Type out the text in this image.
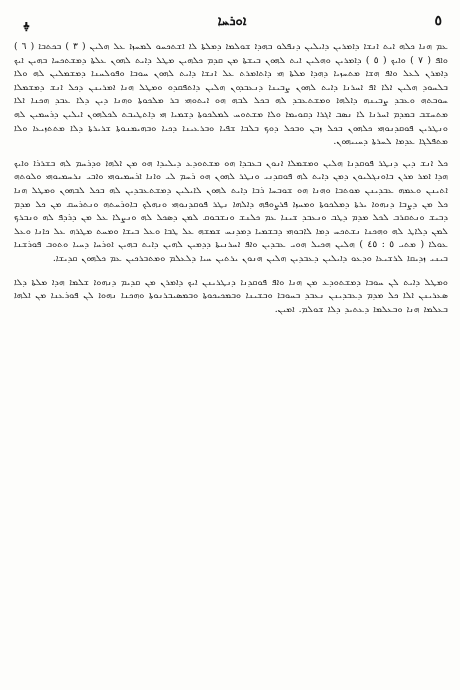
ﭙ	ܐܘܪܚܐ	٥

ܥܡ ܗܢܐ ܟܠܗ ܐܝܬ ܐܢܫܐ ܕܐܡܪܝܢ ܕܐܝܠܝܢ ܕܢܦܠܘ ܒܗܕܐ ܫܘܠܡܐ ܕܡܠܬܐ ܠܐ ܐܫܬܟܚܘ ܠܡܚܙܐ ܥܠ ܗܠܝܢ ( ٣ ) ܒܟܬܒܐ ( ٦ ) ܘܐܦ ( ٧ ) ܘܐܝܟ ( ٥ ) ܕܐܡܪܝܢ ܘܗܠܝܢ ܐܝܬ ܠܗܘܢ ܒܝܫܬܐ ܡܢ ܩܕܡ ܟܠܗܝܢ ܡܛܠ ܕܐܝܬ ܠܗܘܢ ܥܠܬܐ ܕܡܫܬܟܚܐ ܒܗܝܢ ܐܝܟ ܕܐܡܪܢ ܠܥܠ ܘܐܦ ܗܫܐ ܡܬܚܙܝܐ ܕܗܕܐ ܡܠܬܐ ܗܝ ܕܐܬܐܡܪܬ ܥܠ ܐܢܫܐ ܕܐܝܬ ܠܗܘܢ ܚܘܒܐ ܘܦܘܠܚܢܐ ܕܡܫܡܠܝܢ ܠܗ ܘܠܐ ܒܠܚܘܕ ܗܠܝܢ ܐܠܐ ܐܦ ܐܚܪܢܐ ܕܐܝܬ ܠܗܘܢ ܨܒܝܢܐ ܕܢܥܒܕܘܢ ܗܠܝܢ ܕܐܬܦܩܕܘ ܘܡܛܠ ܗܢܐ ܐܡܪܝܢܢ ܕܟܠ ܐܢܫ ܕܡܫܡܠܐ ܚܘܒܬܗ ܘܥܒܕ ܨܒܝܢܗ ܕܐܠܗܐ ܘܡܫܬܥܒܕ ܠܗ ܒܟܠ ܠܒܗ ܗܘ ܐܝܬܘܗܝ ܒܪ ܡܠܟܘܬܐ ܘܗܢܐ ܕܝܢ ܕܠܐ ܥܒܕ ܗܟܢܐ ܐܠܐ ܡܬܚܫܒ ܒܡܕܡ ܐܚܪܢܐ ܠܐ ܢܣܒ ܐܓܪܐ ܕܩܘܝܡܐ ܘܠܐ ܡܫܬܘܚ ܠܡܠܟܘܬܐ ܕܫܡܝܐ ܗܝ ܕܐܬܛܝܒܬ ܠܟܠܗܘܢ ܐܝܠܝܢ ܕܪܚܡܝܢ ܠܗ ܘܢܛܪܝܢ ܦܘܩܕܢܘܗܝ ܟܠܗܘܢ ܒܟܠ ܙܒܢ ܘܒܟܠ ܕܘܟ ܒܠܒܐ ܫܦܝܐ ܘܒܪܥܝܢܐ ܕܟܝܐ ܘܒܗܝܡܢܘܬܐ ܫܪܝܪܬܐ ܕܠܐ ܡܬܬܙܝܥܐ ܘܠܐ ܡܬܦܠܓܐ ܥܕܡܐ ܠܚܪܬܐ ܕܚܝܝܗܘܢ.

ܟܠ ܐܢܫ ܕܝܢ ܕܢܛܪ ܦܘܩܕܢܐ ܗܠܝܢ ܘܡܫܡܠܐ ܐܢܘܢ ܒܥܒܕܐ ܗܘ ܡܫܬܘܕܥ ܕܝܠܝܕܐ ܗܘ ܡܢ ܐܠܗܐ ܘܕܪܚܡ ܠܗ ܒܫܪܪܐ ܘܐܝܟ ܗܕܐ ܐܡܪ ܡܪܢ ܒܐܘܢܓܠܝܘܢ ܕܡܢ ܕܐܝܬ ܠܗ ܦܘܩܕܢܝ ܘܢܛܪ ܠܗܘܢ ܗܘ ܪܚܡ ܠܝ ܘܐܢܐ ܐܪܚܡܝܘܗܝ ܘܐܒܝ ܢܪܚܡܝܘܗܝ ܘܠܘܬܗ ܐܬܝܢܢ ܘܥܡܗ ܥܒܕܝܢܢ ܡܘܬܒܐ ܘܗܢܐ ܗܘ ܫܘܒܚܐ ܪܒܐ ܕܐܝܬ ܠܗܘܢ ܠܐܝܠܝܢ ܕܡܫܬܥܒܕܝܢ ܠܗ ܒܟܠ ܠܒܗܘܢ ܘܡܛܠ ܗܢܐ ܟܠ ܡܢ ܕܨܒܐ ܕܢܗܘܐ ܝܪܬܐ ܕܡܠܟܘܬܐ ܘܡܚܙܐ ܦܪܨܘܦܗ ܕܐܠܗܐ ܢܛܪ ܦܘܩܕܢܘܗܝ ܘܢܗܠܟ ܒܐܘܪܚܬܗ ܘܢܬܪܚܩ ܡܢ ܟܠ ܡܕܡ ܕܒܝܫ ܘܢܬܩܪܒ ܠܟܠ ܡܕܡ ܕܛܒ ܘܢܥܒܕ ܫܝܢܐ ܥܡ ܟܠܢܫ ܘܢܫܒܘܩ ܠܡܢ ܕܣܟܠ ܠܗ ܘܢܨܠܐ ܥܠ ܡܢ ܕܪܕܦ ܠܗ ܘܢܒܪܟ ܠܡܢ ܕܠܐܛ ܠܗ ܘܗܟܢܐ ܢܫܬܟܚ ܕܡܐ ܠܐܒܘܗܝ ܕܒܫܡܝܐ ܕܡܕܢܚ ܫܡܫܗ ܥܠ ܛܒܐ ܘܥܠ ܒܝܫܐ ܘܡܚܬ ܡܛܪܗ ܥܠ ܟܐܢܐ ܘܥܠ ܥܘܠܐ ( ܡܬܝ ٥ : ٤٥ ) ܗܠܝܢ ܗܟܝܠ ܗܘܝ ܥܒܕܝܢ ܘܐܦ ܐܚܪܢܝܬܐ ܕܕܡܝܢ ܠܗܝܢ ܕܐܝܬ ܒܗܝܢ ܐܘܪܚܐ ܕܚܝܐ ܘܬܘܒ ܦܘܪܫܢܐ ܒܝܢܝ ܙܕܝܩܐ ܠܪܫܝܥܐ ܘܕܥܘ ܕܐܝܠܝܢ ܕܥܒܕܝܢ ܗܠܝܢ ܗܢܘܢ ܝܪܬܝܢ ܚܝܐ ܕܠܥܠܡ ܘܡܬܒܪܟܝܢ ܥܡ ܟܠܗܘܢ ܩܕܝܫܐ.

ܘܡܛܠ ܕܐܝܬ ܠܢ ܚܘܒܐ ܕܡܫܬܘܕܥ ܡܢ ܗܢܐ ܘܐܦ ܦܘܩܕܢܐ ܕܢܛܪܝܢܢ ܐܝܟ ܕܐܡܪܢ ܡܢ ܩܕܝܡ ܕܢܗܘܐ ܫܠܡܐ ܗܕܐ ܡܠܬܐ ܕܠܐ ܣܥܪܝܢܢ ܐܠܐ ܟܠ ܡܕܡ ܕܥܒܕܝܢܢ ܢܥܒܕ ܒܚܘܒܐ ܘܒܫܝܢܐ ܘܒܡܟܝܟܘܬܐ ܘܒܡܣܝܒܪܢܘܬܐ ܘܗܟܢܐ ܢܗܘܐ ܠܢ ܦܘܪܥܢܐ ܡܢ ܐܠܗܐ ܒܥܠܡܐ ܗܢܐ ܘܒܥܠܡܐ ܕܥܬܝܕ ܕܠܐ ܫܘܠܡ. ܐܡܝܢ.
